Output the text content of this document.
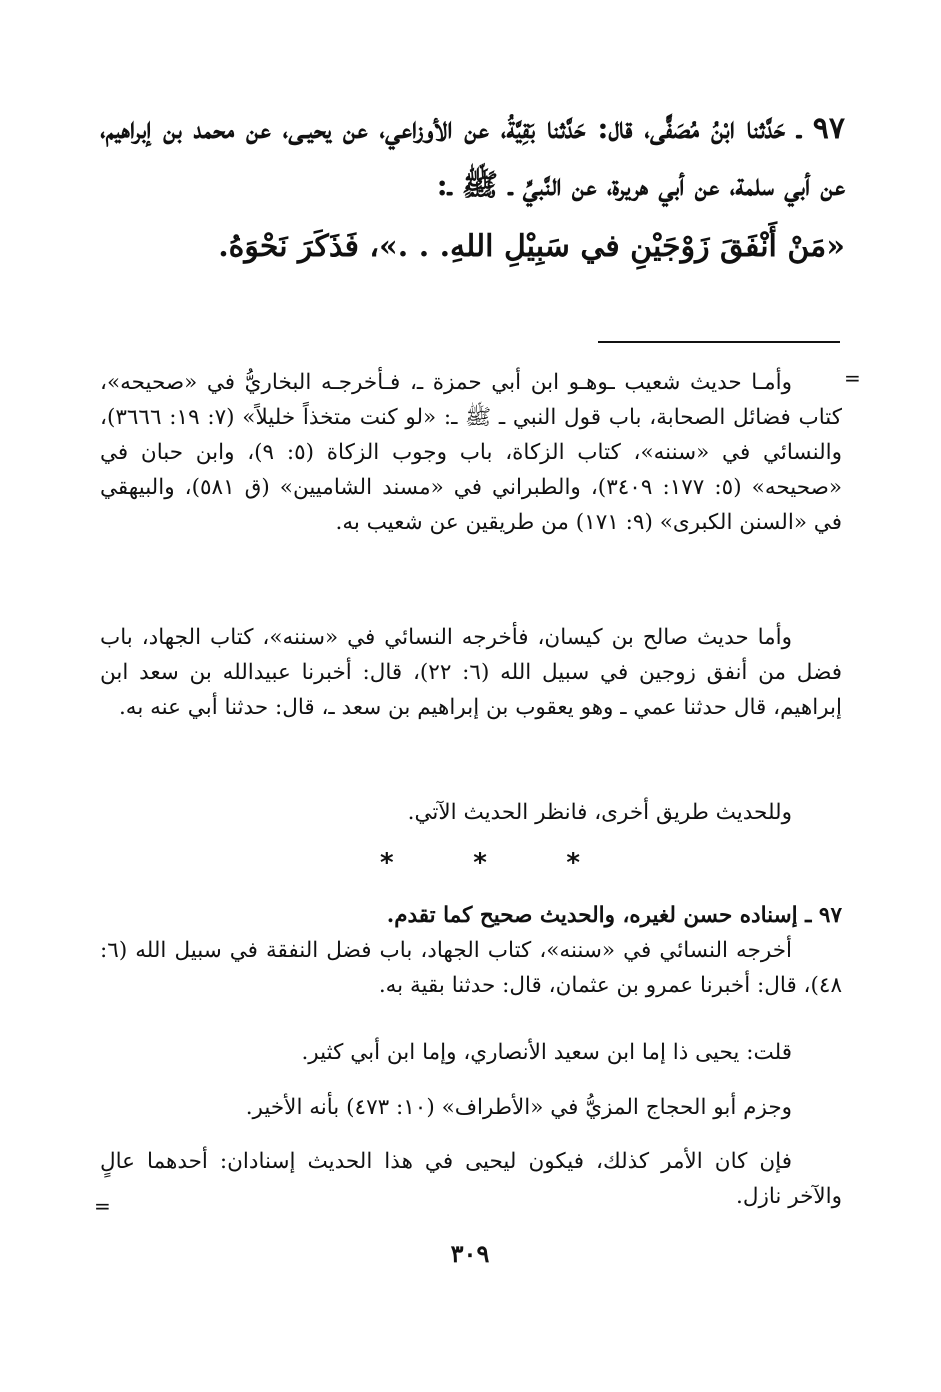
٩٧ ـ حَدَّثنا ابْنُ مُصَفًّى، قال: حَدَّثنا بَقِيَّةُ، عن الأوزاعي، عن يحيـى، عن محمد بن إبراهيم، عن أبي سلمة، عن أبي هريرة، عن النَّبيِّ ـ ﷺ ـ:

«مَنْ أَنْفَقَ زَوْجَيْنِ في سَبِيْلِ اللهِ. . .»، فَذَكَرَ نَحْوَهُ.

=

وأمـا حديث شعيب ـوهـو ابن أبي حمزة ـ، فـأخرجـه البخاريُّ في «صحيحه»، كتاب فضائل الصحابة، باب قول النبي ـ ﷺ ـ: «لو كنت متخذاً خليلاً» (٧: ١٩: ٣٦٦٦)، والنسائي في «سننه»، كتاب الزكاة، باب وجوب الزكاة (٥: ٩)، وابن حبان في «صحيحه» (٥: ١٧٧: ٣٤٠٩)، والطبراني في «مسند الشاميين» (ق ٥٨١)، والبيهقي في «السنن الكبرى» (٩: ١٧١) من طريقين عن شعيب به.

وأما حديث صالح بن كيسان، فأخرجه النسائي في «سننه»، كتاب الجهاد، باب فضل من أنفق زوجين في سبيل الله (٦: ٢٢)، قال: أخبرنا عبيدالله بن سعد ابن إبراهيم، قال حدثنا عمي ـ وهو يعقوب بن إبراهيم بن سعد ـ، قال: حدثنا أبي عنه به.

وللحديث طريق أخرى، فانظر الحديث الآتي.

*	*	*

٩٧ ـ إسناده حسن لغيره، والحديث صحيح كما تقدم.

أخرجه النسائي في «سننه»، كتاب الجهاد، باب فضل النفقة في سبيل الله (٦: ٤٨)، قال: أخبرنا عمرو بن عثمان، قال: حدثنا بقية به.

قلت: يحيى ذا إما ابن سعيد الأنصاري، وإما ابن أبي كثير.

وجزم أبو الحجاج المزيُّ في «الأطراف» (١٠: ٤٧٣) بأنه الأخير.

فإن كان الأمر كذلك، فيكون ليحيى في هذا الحديث إسنادان: أحدهما عالٍ والآخر نازل.

=
٣٠٩
